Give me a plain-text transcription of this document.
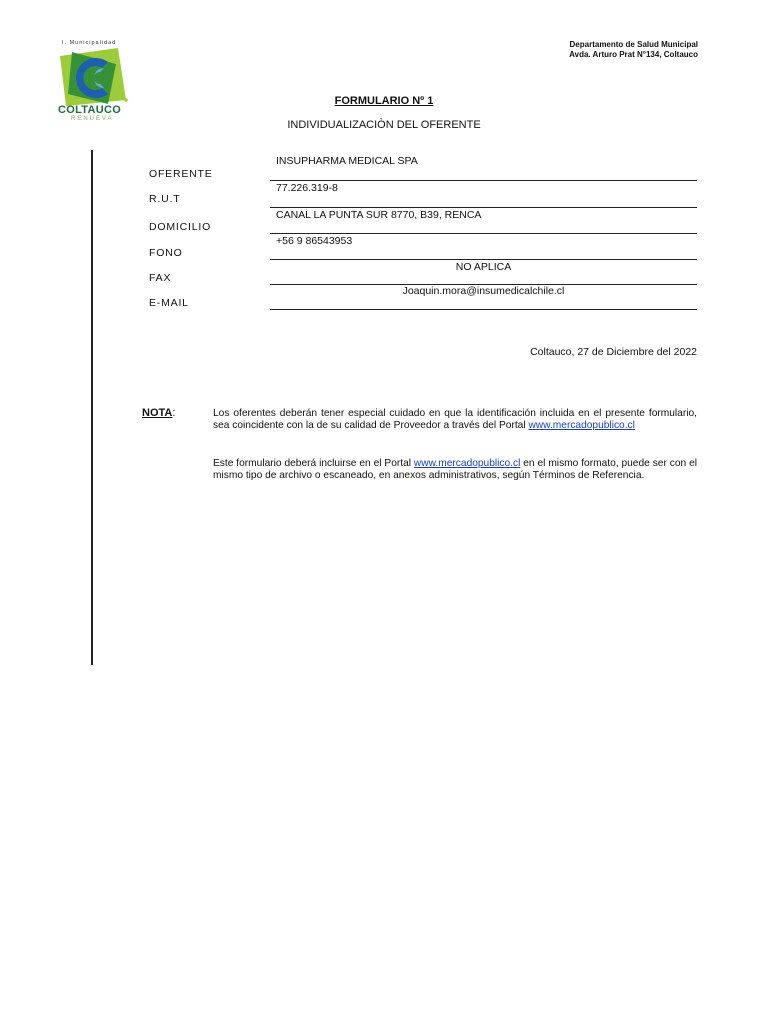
I. Municipalidad
COLTAUCO
RENUEVA
Departamento de Salud Municipal
Avda. Arturo Prat N°134, Coltauco
FORMULARIO Nº 1
INDIVIDUALIZACIÒN DEL OFERENTE
OFERENTE
R.U.T
DOMICILIO
FONO
FAX
E-MAIL
INSUPHARMA MEDICAL SPA
77.226.319-8
CANAL LA PUNTA SUR 8770, B39, RENCA
+56 9 86543953
NO APLICA
Joaquin.mora@insumedicalchile.cl
Coltauco, 27 de Diciembre del 2022
NOTA:	Los oferentes deberán tener especial cuidado en que la identificación incluida en el presente formulario, sea coincidente con la de su calidad de Proveedor a través del Portal www.mercadopublico.cl
Este formulario deberá incluirse en el Portal www.mercadopublico.cl en el mismo formato, puede ser con el mismo tipo de archivo o escaneado, en anexos administrativos, según Términos de Referencia.
